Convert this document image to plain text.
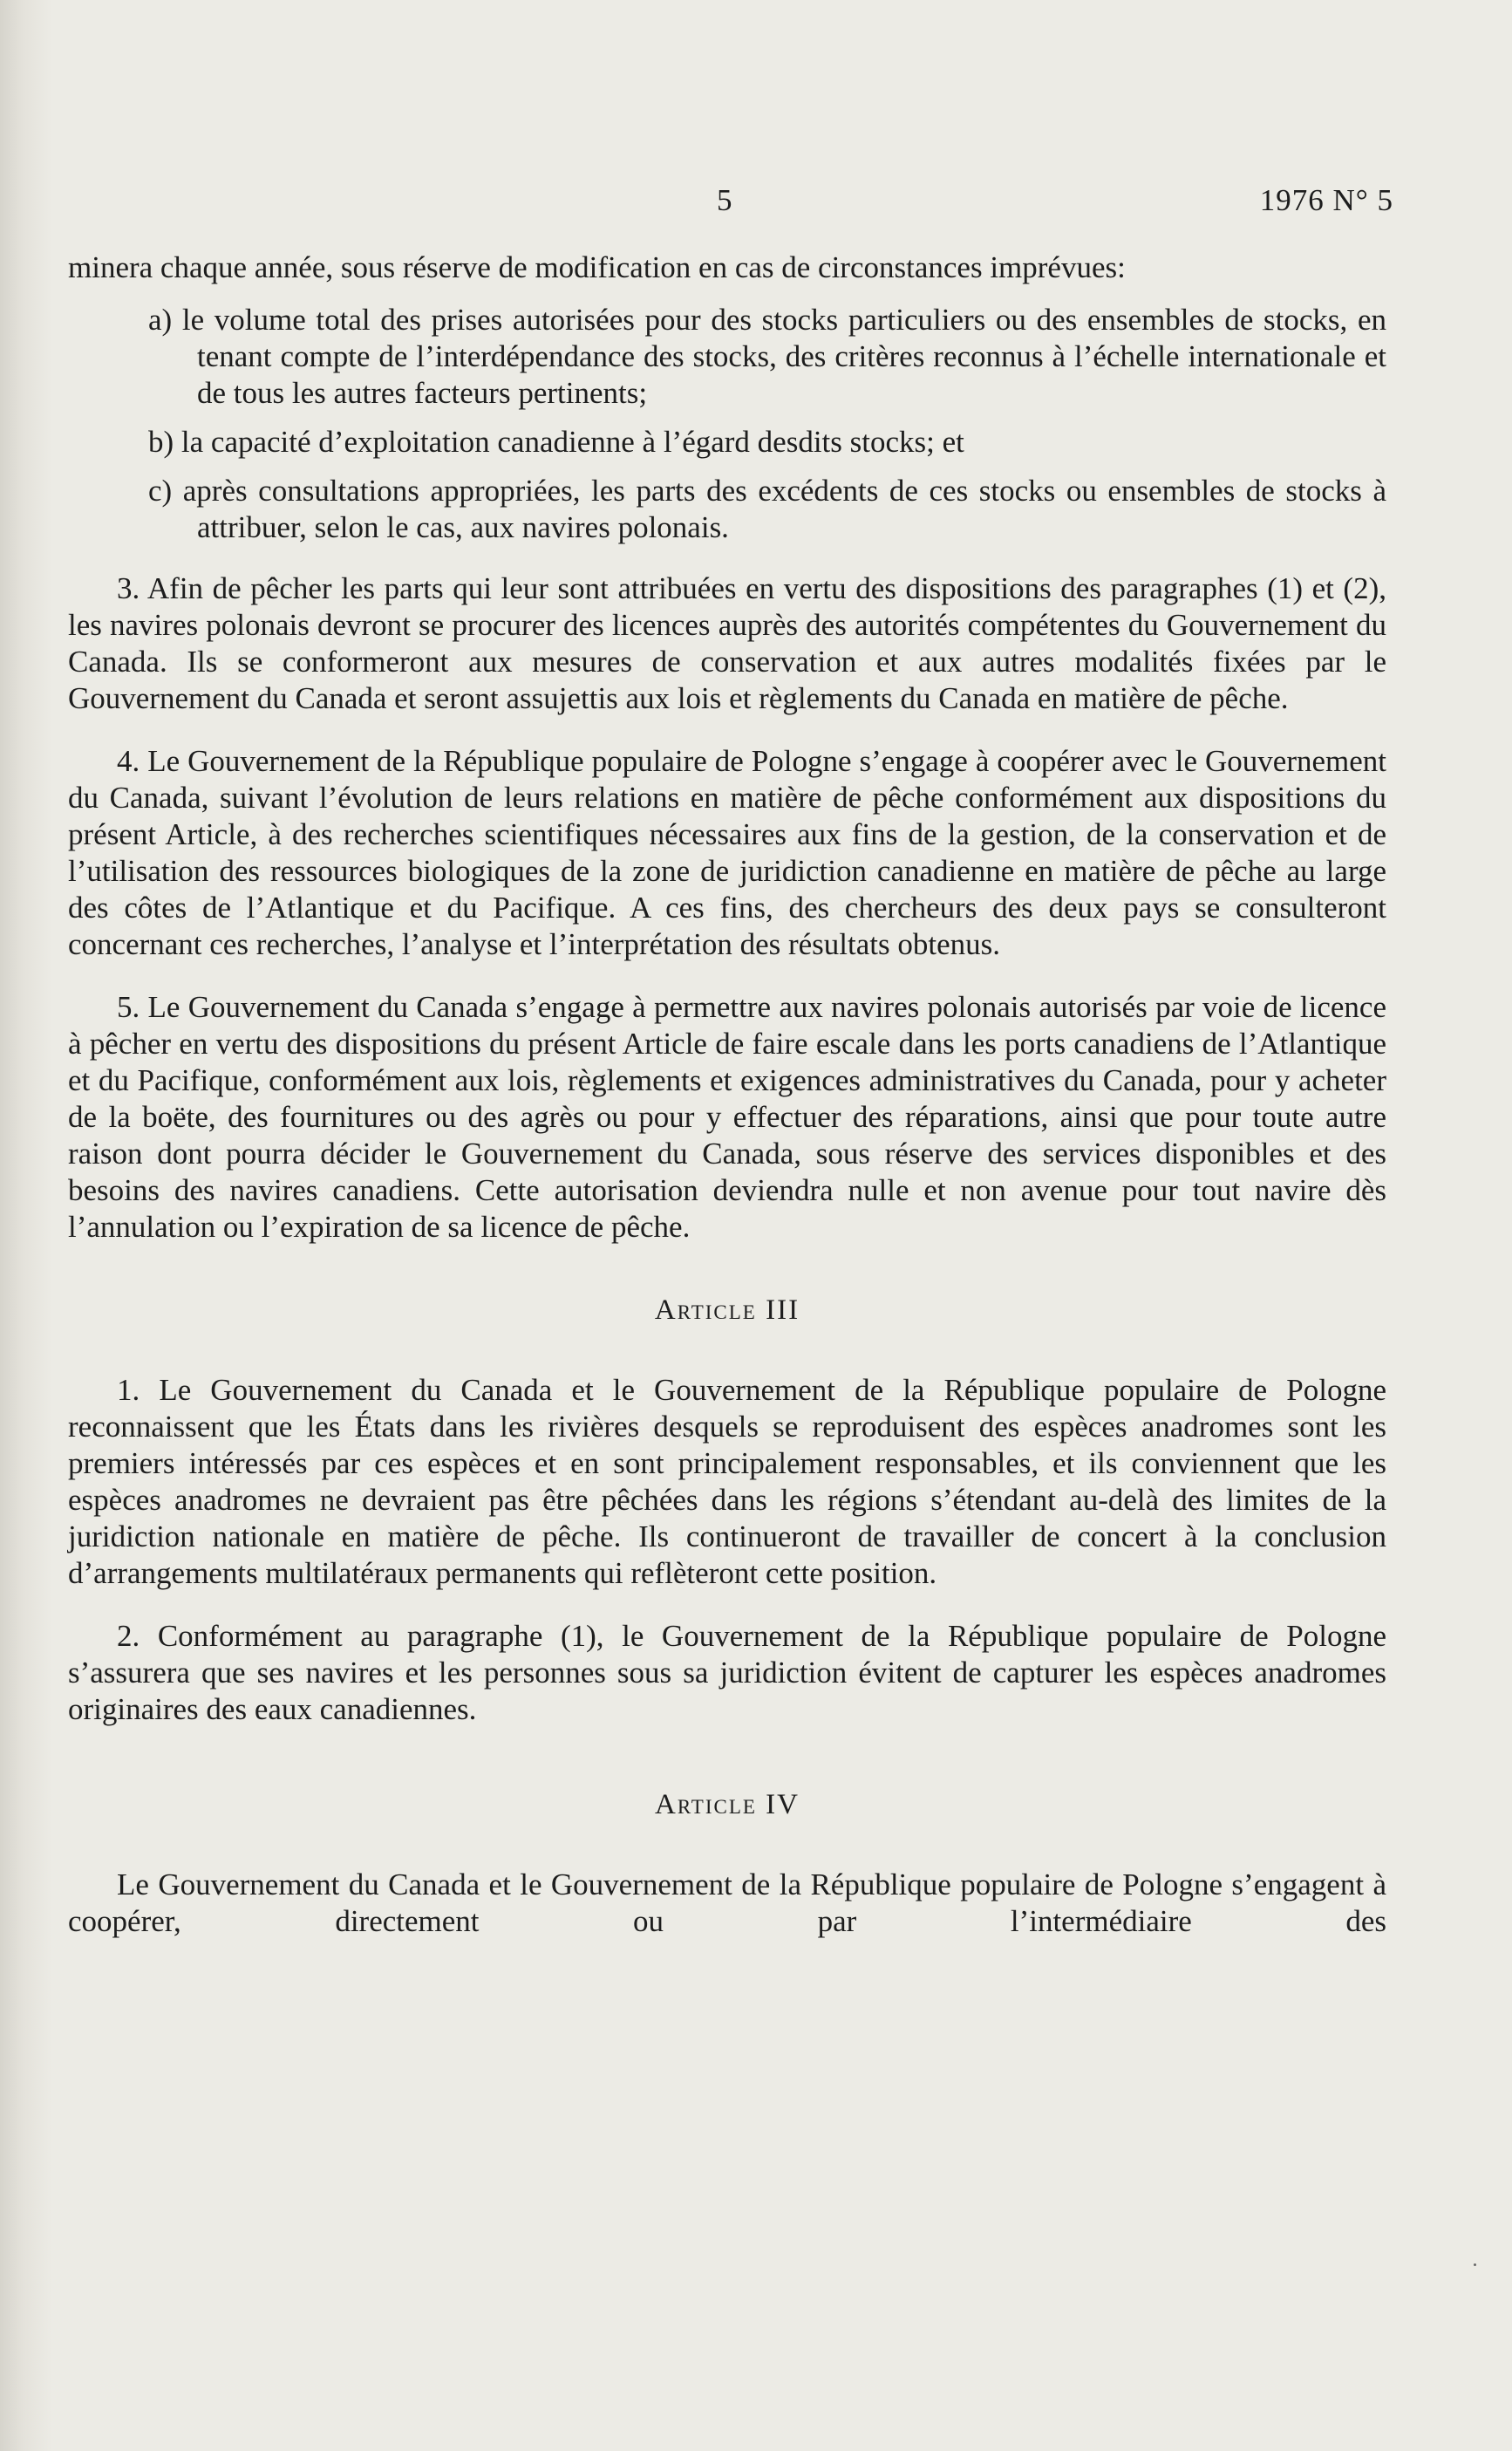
5	1976 N° 5

minera chaque année, sous réserve de modification en cas de circonstances imprévues:

a) le volume total des prises autorisées pour des stocks particuliers ou des ensembles de stocks, en tenant compte de l’interdépendance des stocks, des critères reconnus à l’échelle internationale et de tous les autres facteurs pertinents;

b) la capacité d’exploitation canadienne à l’égard desdits stocks; et

c) après consultations appropriées, les parts des excédents de ces stocks ou ensembles de stocks à attribuer, selon le cas, aux navires polonais.

3. Afin de pêcher les parts qui leur sont attribuées en vertu des dispositions des paragraphes (1) et (2), les navires polonais devront se procurer des licences auprès des autorités compétentes du Gouvernement du Canada. Ils se conformeront aux mesures de conservation et aux autres modalités fixées par le Gouvernement du Canada et seront assujettis aux lois et règlements du Canada en matière de pêche.

4. Le Gouvernement de la République populaire de Pologne s’engage à coopérer avec le Gouvernement du Canada, suivant l’évolution de leurs relations en matière de pêche conformément aux dispositions du présent Article, à des recherches scientifiques nécessaires aux fins de la gestion, de la conservation et de l’utilisation des ressources biologiques de la zone de juridiction canadienne en matière de pêche au large des côtes de l’Atlantique et du Pacifique. A ces fins, des chercheurs des deux pays se consulteront concernant ces recherches, l’analyse et l’interprétation des résultats obtenus.

5. Le Gouvernement du Canada s’engage à permettre aux navires polonais autorisés par voie de licence à pêcher en vertu des dispositions du présent Article de faire escale dans les ports canadiens de l’Atlantique et du Pacifique, conformément aux lois, règlements et exigences administratives du Canada, pour y acheter de la boëte, des fournitures ou des agrès ou pour y effectuer des réparations, ainsi que pour toute autre raison dont pourra décider le Gouvernement du Canada, sous réserve des services disponibles et des besoins des navires canadiens. Cette autorisation deviendra nulle et non avenue pour tout navire dès l’annulation ou l’expiration de sa licence de pêche.

Article III

1. Le Gouvernement du Canada et le Gouvernement de la République populaire de Pologne reconnaissent que les États dans les rivières desquels se reproduisent des espèces anadromes sont les premiers intéressés par ces espèces et en sont principalement responsables, et ils conviennent que les espèces anadromes ne devraient pas être pêchées dans les régions s’étendant au-delà des limites de la juridiction nationale en matière de pêche. Ils continueront de travailler de concert à la conclusion d’arrangements multilatéraux permanents qui reflèteront cette position.

2. Conformément au paragraphe (1), le Gouvernement de la République populaire de Pologne s’assurera que ses navires et les personnes sous sa juridiction évitent de capturer les espèces anadromes originaires des eaux canadiennes.

Article IV

Le Gouvernement du Canada et le Gouvernement de la République populaire de Pologne s’engagent à coopérer, directement ou par l’intermédiaire des
